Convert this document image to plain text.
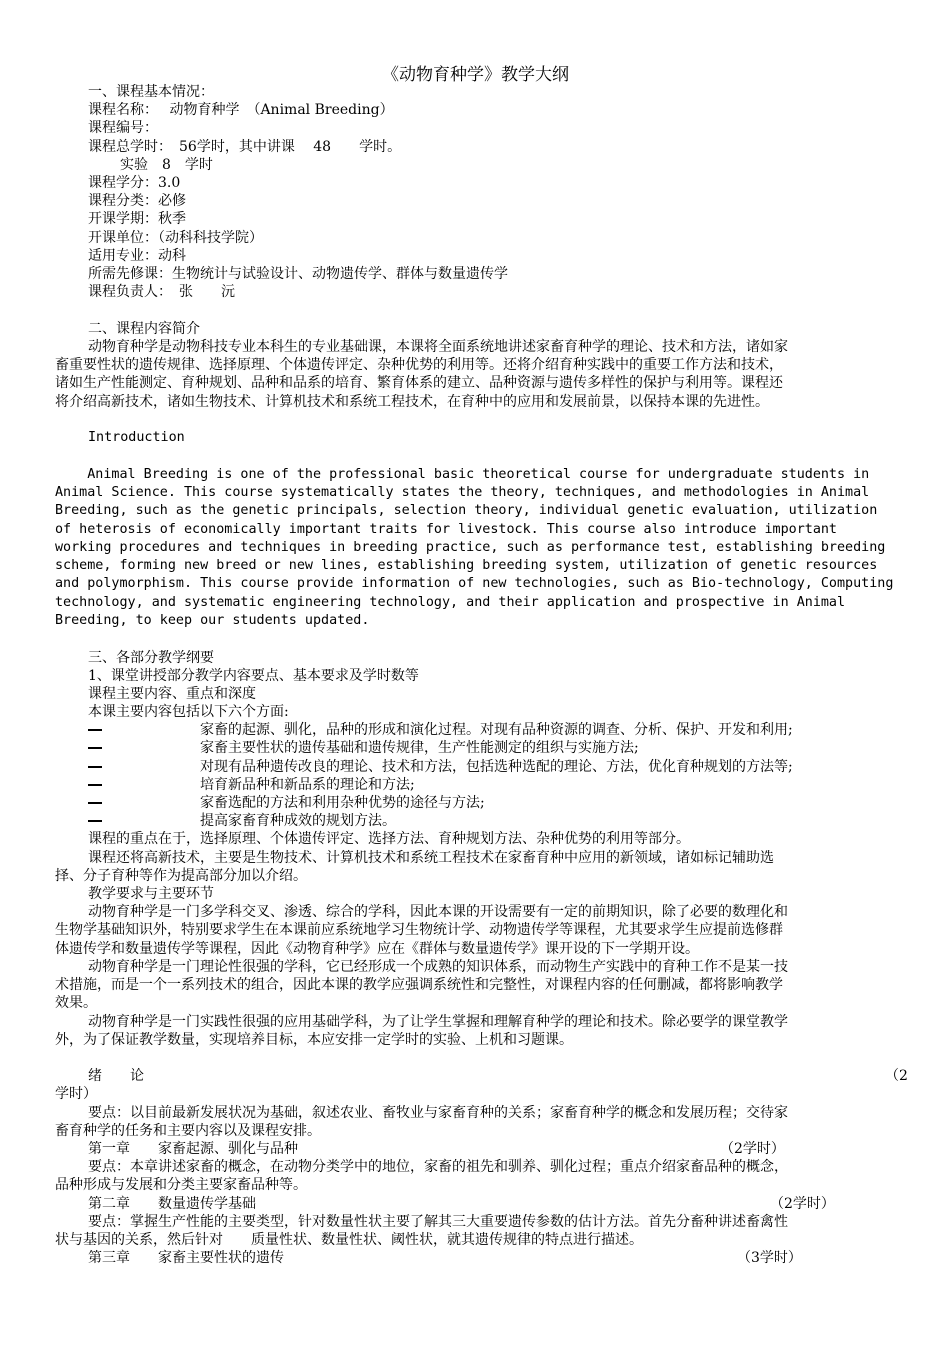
《动物育种学》教学大纲
一、课程基本情况：
课程名称：　 动物育种学　（Animal Breeding）
课程编号：
课程总学时：　56学时，其中讲课　 48　　学时。
实验　8　学时
课程学分：3.0
课程分类：必修
开课学期：秋季
开课单位：（动科科技学院）
适用专业：动科
所需先修课：生物统计与试验设计、动物遗传学、群体与数量遗传学
课程负责人：　张　　沅
二、课程内容简介
动物育种学是动物科技专业本科生的专业基础课，本课将全面系统地讲述家畜育种学的理论、技术和方法，诸如家
畜重要性状的遗传规律、选择原理、个体遗传评定、杂种优势的利用等。还将介绍育种实践中的重要工作方法和技术，
诸如生产性能测定、育种规划、品种和品系的培育、繁育体系的建立、品种资源与遗传多样性的保护与利用等。课程还
将介绍高新技术，诸如生物技术、计算机技术和系统工程技术，在育种中的应用和发展前景，以保持本课的先进性。
Introduction
Animal Breeding is one of the professional basic theoretical course for undergraduate students in
Animal Science. This course systematically states the theory, techniques, and methodologies in Animal
Breeding, such as the genetic principals, selection theory, individual genetic evaluation, utilization
of heterosis of economically important traits for livestock. This course also introduce important
working procedures and techniques in breeding practice, such as performance test, establishing breeding
scheme, forming new breed or new lines, establishing breeding system, utilization of genetic resources
and polymorphism. This course provide information of new technologies, such as Bio-technology, Computing
technology, and systematic engineering technology, and their application and prospective in Animal
Breeding, to keep our students updated.
三、各部分教学纲要
1、课堂讲授部分教学内容要点、基本要求及学时数等
课程主要内容、重点和深度
本课主要内容包括以下六个方面:
家畜的起源、驯化，品种的形成和演化过程。对现有品种资源的调查、分析、保护、开发和利用;
家畜主要性状的遗传基础和遗传规律，生产性能测定的组织与实施方法;
对现有品种遗传改良的理论、技术和方法，包括选种选配的理论、方法，优化育种规划的方法等;
培育新品种和新品系的理论和方法;
家畜选配的方法和利用杂种优势的途径与方法;
提高家畜育种成效的规划方法。
课程的重点在于，选择原理、个体遗传评定、选择方法、育种规划方法、杂种优势的利用等部分。
课程还将高新技术，主要是生物技术、计算机技术和系统工程技术在家畜育种中应用的新领域，诸如标记辅助选
择、分子育种等作为提高部分加以介绍。
教学要求与主要环节
动物育种学是一门多学科交叉、渗透、综合的学科，因此本课的开设需要有一定的前期知识，除了必要的数理化和
生物学基础知识外，特别要求学生在本课前应系统地学习生物统计学、动物遗传学等课程，尤其要求学生应提前选修群
体遗传学和数量遗传学等课程，因此《动物育种学》应在《群体与数量遗传学》课开设的下一学期开设。
动物育种学是一门理论性很强的学科，它已经形成一个成熟的知识体系，而动物生产实践中的育种工作不是某一技
术措施，而是一个一系列技术的组合，因此本课的教学应强调系统性和完整性，对课程内容的任何删减，都将影响教学
效果。
动物育种学是一门实践性很强的应用基础学科，为了让学生掌握和理解育种学的理论和技术。除必要学的课堂教学
外，为了保证教学数量，实现培养目标，本应安排一定学时的实验、上机和习题课。
绪　　论	（2
学时）
要点：以目前最新发展状况为基础，叙述农业、畜牧业与家畜育种的关系；家畜育种学的概念和发展历程；交待家
畜育种学的任务和主要内容以及课程安排。
第一章　　家畜起源、驯化与品种	（2学时）
要点：本章讲述家畜的概念，在动物分类学中的地位，家畜的祖先和驯养、驯化过程；重点介绍家畜品种的概念，
品种形成与发展和分类主要家畜品种等。
第二章　　数量遗传学基础	（2学时）
要点：掌握生产性能的主要类型，针对数量性状主要了解其三大重要遗传参数的估计方法。首先分畜种讲述畜禽性
状与基因的关系，然后针对　　质量性状、数量性状、阈性状，就其遗传规律的特点进行描述。
第三章　　家畜主要性状的遗传	（3学时）
